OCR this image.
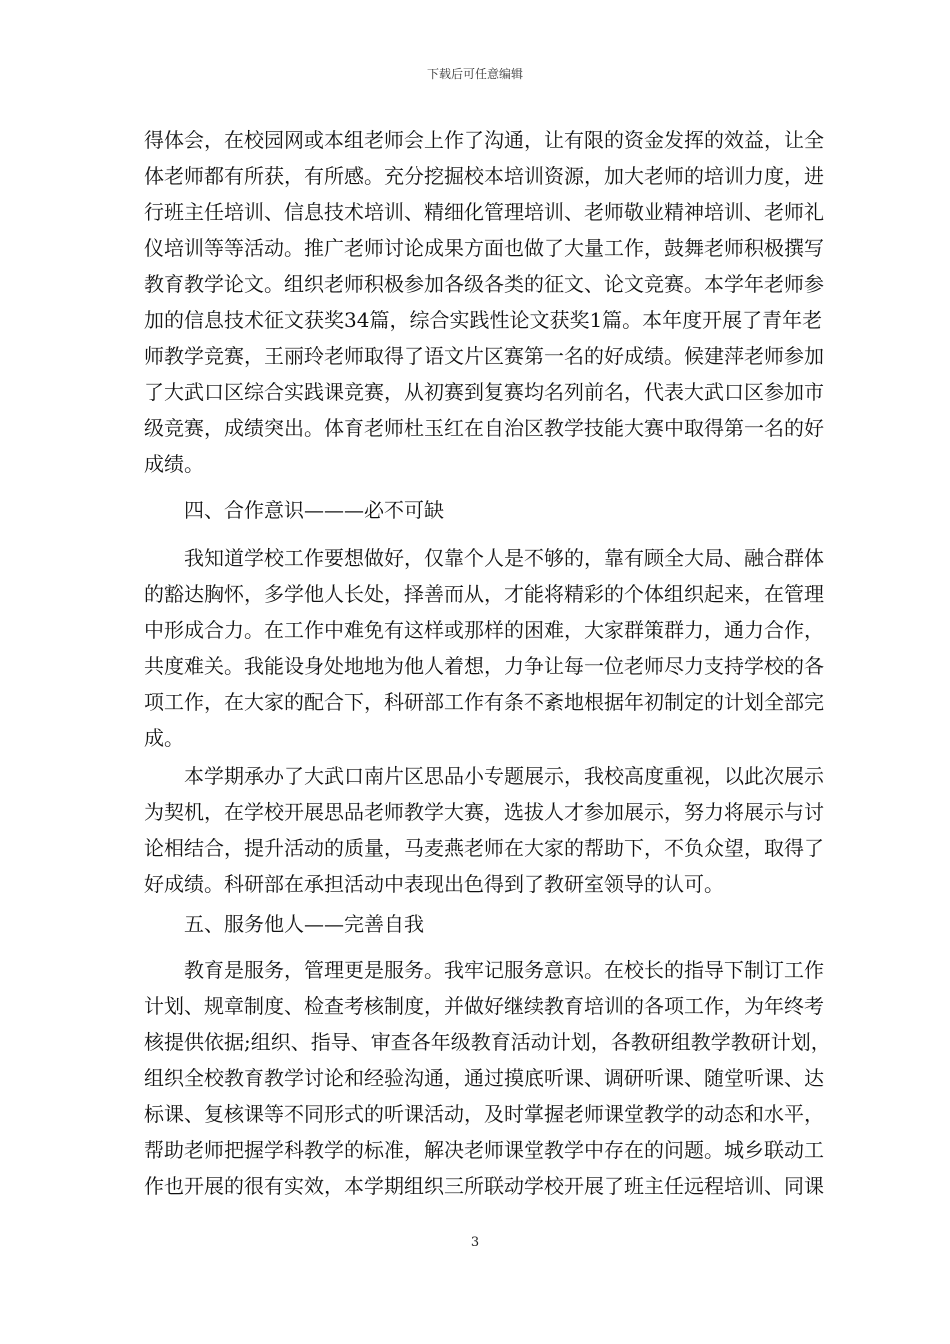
下载后可任意编辑
得体会，在校园网或本组老师会上作了沟通，让有限的资金发挥的效益，让全
体老师都有所获，有所感。充分挖掘校本培训资源，加大老师的培训力度，进
行班主任培训、信息技术培训、精细化管理培训、老师敬业精神培训、老师礼
仪培训等等活动。推广老师讨论成果方面也做了大量工作，鼓舞老师积极撰写
教育教学论文。组织老师积极参加各级各类的征文、论文竞赛。本学年老师参
加的信息技术征文获奖34篇，综合实践性论文获奖1篇。本年度开展了青年老
师教学竞赛，王丽玲老师取得了语文片区赛第一名的好成绩。候建萍老师参加
了大武口区综合实践课竞赛，从初赛到复赛均名列前名，代表大武口区参加市
级竞赛，成绩突出。体育老师杜玉红在自治区教学技能大赛中取得第一名的好
成绩。
四、合作意识———必不可缺
我知道学校工作要想做好，仅靠个人是不够的，靠有顾全大局、融合群体
的豁达胸怀，多学他人长处，择善而从，才能将精彩的个体组织起来，在管理
中形成合力。在工作中难免有这样或那样的困难，大家群策群力，通力合作，
共度难关。我能设身处地地为他人着想，力争让每一位老师尽力支持学校的各
项工作，在大家的配合下，科研部工作有条不紊地根据年初制定的计划全部完
成。
本学期承办了大武口南片区思品小专题展示，我校高度重视，以此次展示
为契机，在学校开展思品老师教学大赛，选拔人才参加展示，努力将展示与讨
论相结合，提升活动的质量，马麦燕老师在大家的帮助下，不负众望，取得了
好成绩。科研部在承担活动中表现出色得到了教研室领导的认可。
五、服务他人——完善自我
教育是服务，管理更是服务。我牢记服务意识。在校长的指导下制订工作
计划、规章制度、检查考核制度，并做好继续教育培训的各项工作，为年终考
核提供依据;组织、指导、审查各年级教育活动计划，各教研组教学教研计划，
组织全校教育教学讨论和经验沟通，通过摸底听课、调研听课、随堂听课、达
标课、复核课等不同形式的听课活动，及时掌握老师课堂教学的动态和水平，
帮助老师把握学科教学的标准，解决老师课堂教学中存在的问题。城乡联动工
作也开展的很有实效，本学期组织三所联动学校开展了班主任远程培训、同课
3
